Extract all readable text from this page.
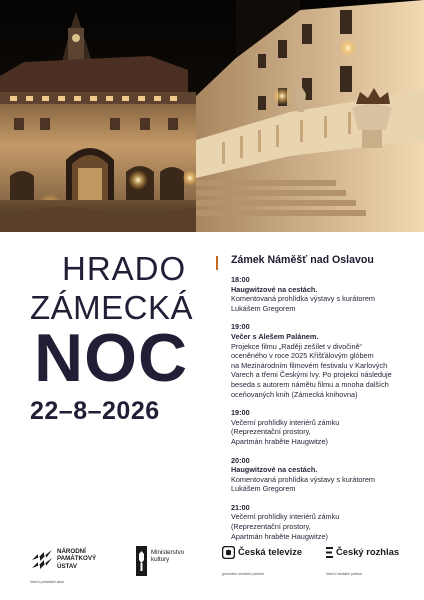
HRADO
ZÁMECKÁ
NOC
22–8–2026
Zámek Náměšť nad Oslavou
18:00
Haugwitzové na cestách.
Komentovaná prohlídka výstavy s kurátorem
Lukášem Gregorem
19:00
Večer s Alešem Palánem.
Projekce filmu „Raději zešílet v divočině“
oceněného v roce 2025 Křišťálovým glóbem
na Mezinárodním filmovém festivalu v Karlových
Varech a třemi Českými lvy. Po projekci následuje
beseda s autorem námětu filmu a mnoha dalších
oceňovaných knih (Zámecká knihovna)
19:00
Večerní prohlídky interiérů zámku
(Reprezentační prostory,
Apartmán hraběte Haugwitze)
20:00
Haugwitzové na cestách.
Komentovaná prohlídka výstavy s kurátorem
Lukášem Gregorem
21:00
Večerní prohlídky interiérů zámku
(Reprezentační prostory,
Apartmán hraběte Haugwitze)
NÁRODNÍ
PAMÁTKOVÝ
ÚSTAV
hlavní pořadatel akce
Ministerstvo
kultury
Česká televize
generální mediální partner
Český rozhlas
hlavní mediální partner
